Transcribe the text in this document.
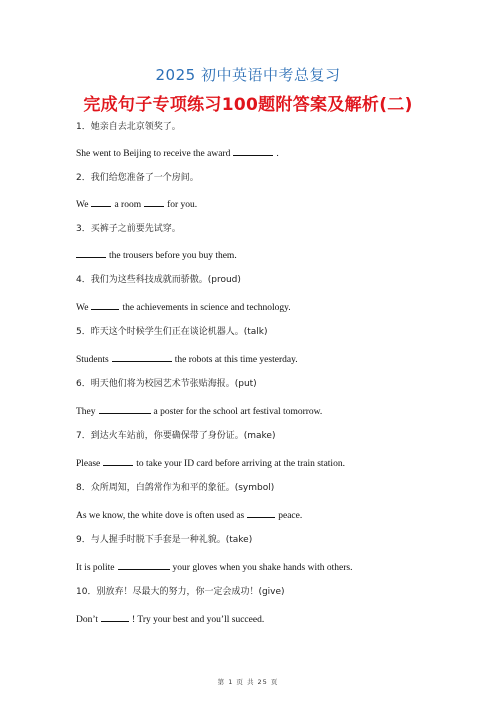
2025 初中英语中考总复习
完成句子专项练习100题附答案及解析(二)
1．她亲自去北京领奖了。
She went to Beijing to receive the award	.
2．我们给您准备了一个房间。
We	a room	for you.
3．买裤子之前要先试穿。
the trousers before you buy them.
4．我们为这些科技成就而骄傲。(proud)
We	the achievements in science and technology.
5．昨天这个时候学生们正在谈论机器人。(talk)
Students	the robots at this time yesterday.
6．明天他们将为校园艺术节张贴海报。(put)
They	a poster for the school art festival tomorrow.
7．到达火车站前，你要确保带了身份证。(make)
Please	to take your ID card before arriving at the train station.
8．众所周知，白鸽常作为和平的象征。(symbol)
As we know, the white dove is often used as	peace.
9．与人握手时脱下手套是一种礼貌。(take)
It is polite	your gloves when you shake hands with others.
10．别放弃！尽最大的努力，你一定会成功！(give)
Don’t	! Try your best and you’ll succeed.
第 1 页 共 25 页
